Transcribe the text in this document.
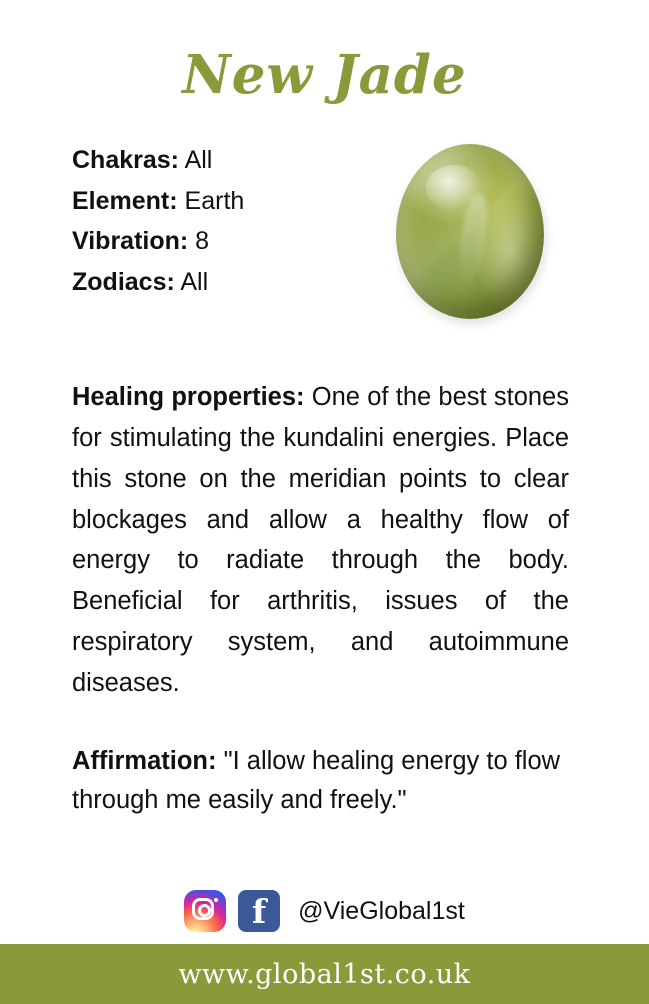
New Jade
Chakras: All
Element: Earth
Vibration: 8
Zodiacs: All
Healing properties: One of the best stones for stimulating the kundalini energies. Place this stone on the meridian points to clear blockages and allow a healthy flow of energy to radiate through the body. Beneficial for arthritis, issues of the respiratory system, and autoimmune diseases.
Affirmation: "I allow healing energy to flow through me easily and freely."
f	@VieGlobal1st
www.global1st.co.uk
